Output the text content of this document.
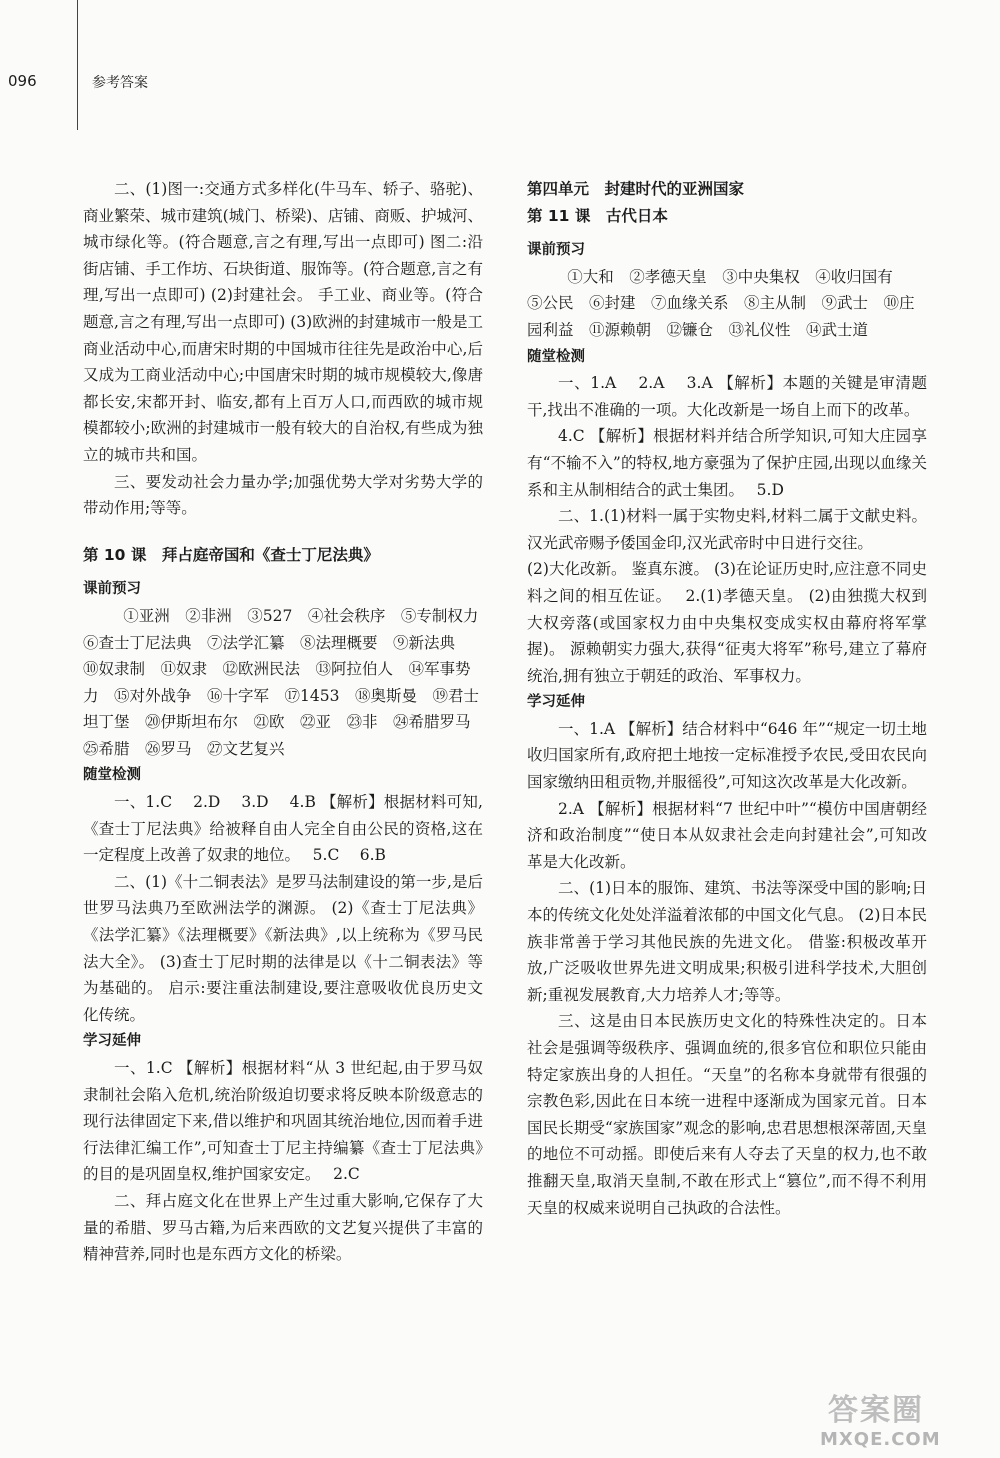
096	参考答案

二、(1)图一:交通方式多样化(牛马车、轿子、骆驼)、商业繁荣、城市建筑(城门、桥梁)、店铺、商贩、护城河、城市绿化等。(符合题意,言之有理,写出一点即可) 图二:沿街店铺、手工作坊、石块街道、服饰等。(符合题意,言之有理,写出一点即可) (2)封建社会。 手工业、商业等。(符合题意,言之有理,写出一点即可) (3)欧洲的封建城市一般是工商业活动中心,而唐宋时期的中国城市往往先是政治中心,后又成为工商业活动中心;中国唐宋时期的城市规模较大,像唐都长安,宋都开封、临安,都有上百万人口,而西欧的城市规模都较小;欧洲的封建城市一般有较大的自治权,有些成为独立的城市共和国。

三、要发动社会力量办学;加强优势大学对劣势大学的带动作用;等等。

第 10 课　拜占庭帝国和《查士丁尼法典》

课前预习

①亚洲　②非洲　③527　④社会秩序　⑤专制权力

⑥查士丁尼法典　⑦法学汇纂　⑧法理概要　⑨新法典

⑩奴隶制　⑪奴隶　⑫欧洲民法　⑬阿拉伯人　⑭军事势

力　⑮对外战争　⑯十字军　⑰1453　⑱奥斯曼　⑲君士

坦丁堡　⑳伊斯坦布尔　㉑欧　㉒亚　㉓非　㉔希腊罗马

㉕希腊　㉖罗马　㉗文艺复兴

随堂检测

一、1.C　 2.D　 3.D　 4.B 【解析】根据材料可知,《查士丁尼法典》给被释自由人完全自由公民的资格,这在一定程度上改善了奴隶的地位。　 5.C　 6.B

二、(1)《十二铜表法》是罗马法制建设的第一步,是后世罗马法典乃至欧洲法学的渊源。 (2)《查士丁尼法典》《法学汇纂》《法理概要》《新法典》,以上统称为《罗马民法大全》。 (3)查士丁尼时期的法律是以《十二铜表法》等为基础的。 启示:要注重法制建设,要注意吸收优良历史文化传统。

学习延伸

一、1.C 【解析】根据材料“从 3 世纪起,由于罗马奴隶制社会陷入危机,统治阶级迫切要求将反映本阶级意志的现行法律固定下来,借以维护和巩固其统治地位,因而着手进行法律汇编工作”,可知查士丁尼主持编纂《查士丁尼法典》的目的是巩固皇权,维护国家安定。　 2.C

二、拜占庭文化在世界上产生过重大影响,它保存了大量的希腊、罗马古籍,为后来西欧的文艺复兴提供了丰富的精神营养,同时也是东西方文化的桥梁。

第四单元　封建时代的亚洲国家

第 11 课　古代日本

课前预习

①大和　②孝德天皇　③中央集权　④收归国有

⑤公民　⑥封建　⑦血缘关系　⑧主从制　⑨武士　⑩庄

园利益　⑪源赖朝　⑫镰仓　⑬礼仪性　⑭武士道

随堂检测

一、1.A　 2.A　 3.A 【解析】本题的关键是审清题干,找出不准确的一项。大化改新是一场自上而下的改革。

4.C 【解析】根据材料并结合所学知识,可知大庄园享有“不输不入”的特权,地方豪强为了保护庄园,出现以血缘关系和主从制相结合的武士集团。　 5.D

二、1.(1)材料一属于实物史料,材料二属于文献史料。汉光武帝赐予倭国金印,汉光武帝时中日进行交往。

(2)大化改新。 鉴真东渡。 (3)在论证历史时,应注意不同史料之间的相互佐证。　 2.(1)孝德天皇。 (2)由独揽大权到大权旁落(或国家权力由中央集权变成实权由幕府将军掌握)。 源赖朝实力强大,获得“征夷大将军”称号,建立了幕府统治,拥有独立于朝廷的政治、军事权力。

学习延伸

一、1.A 【解析】结合材料中“646 年”“规定一切土地收归国家所有,政府把土地按一定标准授予农民,受田农民向国家缴纳田租贡物,并服徭役”,可知这次改革是大化改新。

2.A 【解析】根据材料“7 世纪中叶”“模仿中国唐朝经济和政治制度”“使日本从奴隶社会走向封建社会”,可知改革是大化改新。

二、(1)日本的服饰、建筑、书法等深受中国的影响;日本的传统文化处处洋溢着浓郁的中国文化气息。 (2)日本民族非常善于学习其他民族的先进文化。 借鉴:积极改革开放,广泛吸收世界先进文明成果;积极引进科学技术,大胆创新;重视发展教育,大力培养人才;等等。

三、这是由日本民族历史文化的特殊性决定的。日本社会是强调等级秩序、强调血统的,很多官位和职位只能由特定家族出身的人担任。“天皇”的名称本身就带有很强的宗教色彩,因此在日本统一进程中逐渐成为国家元首。日本国民长期受“家族国家”观念的影响,忠君思想根深蒂固,天皇的地位不可动摇。即使后来有人夺去了天皇的权力,也不敢推翻天皇,取消天皇制,不敢在形式上“篡位”,而不得不利用天皇的权威来说明自己执政的合法性。

答案圈
MXQE.COM
